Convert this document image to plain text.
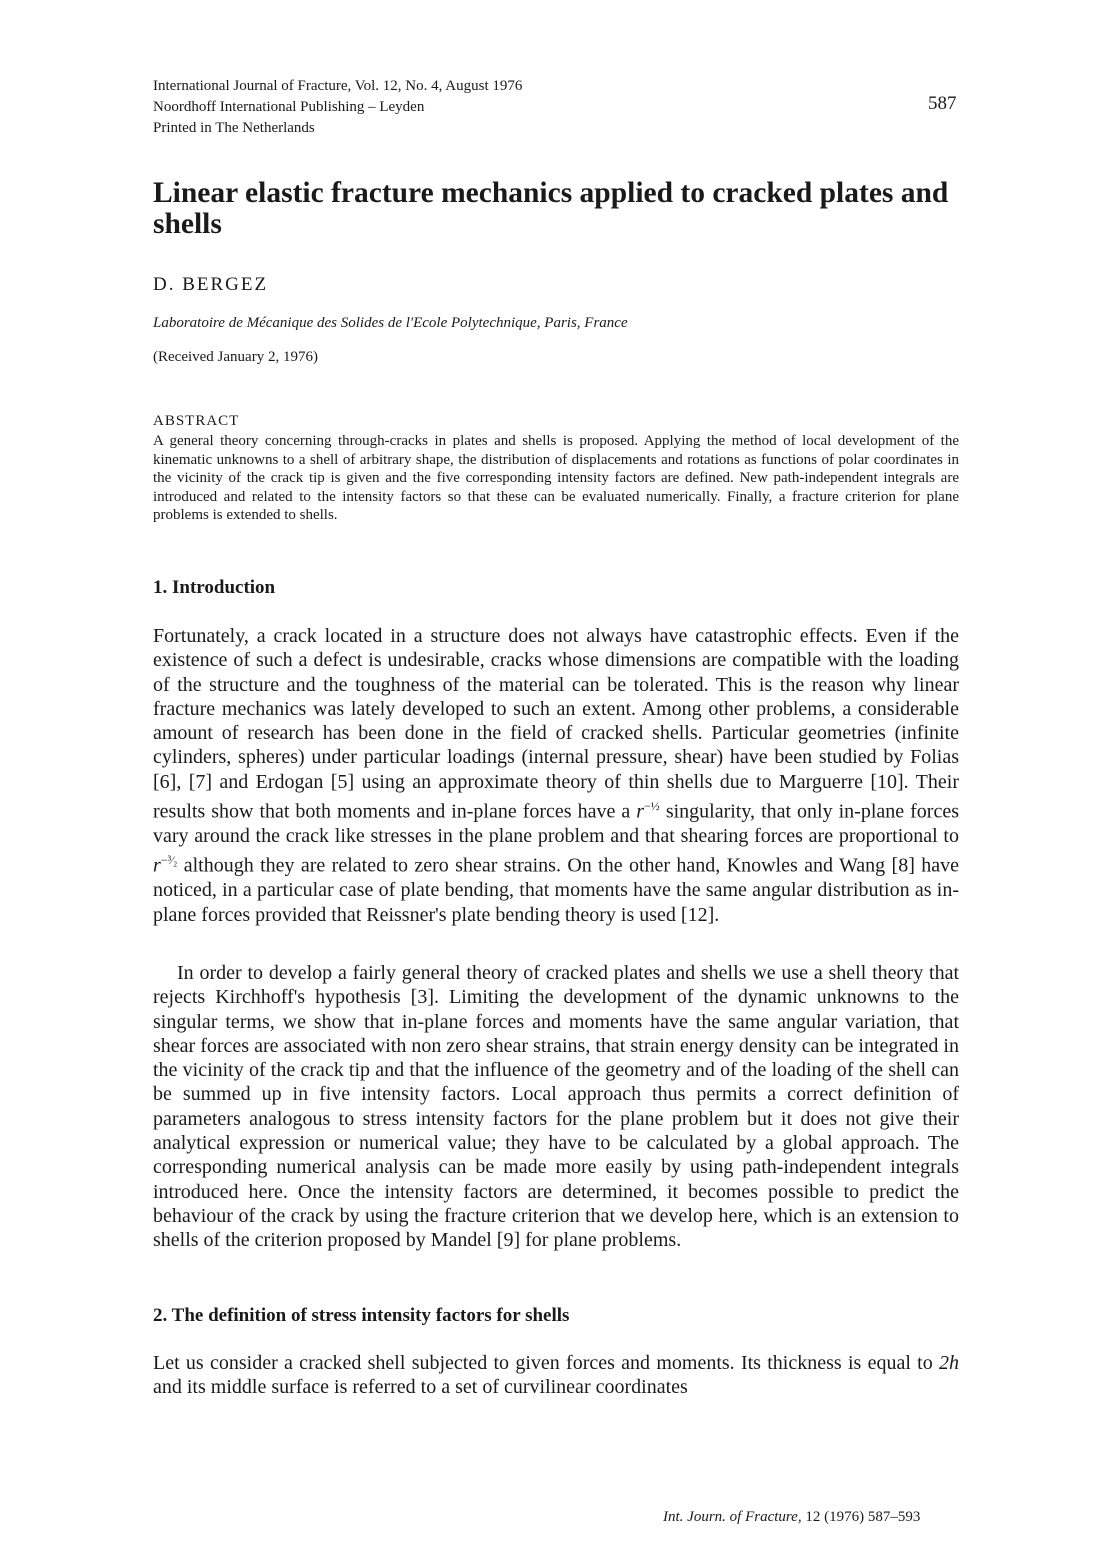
International Journal of Fracture, Vol. 12, No. 4, August 1976
Noordhoff International Publishing – Leyden
Printed in The Netherlands
587
Linear elastic fracture mechanics applied to cracked plates and shells
D. BERGEZ
Laboratoire de Mécanique des Solides de l'Ecole Polytechnique, Paris, France
(Received January 2, 1976)
ABSTRACT

A general theory concerning through-cracks in plates and shells is proposed. Applying the method of local development of the kinematic unknowns to a shell of arbitrary shape, the distribution of displacements and rotations as functions of polar coordinates in the vicinity of the crack tip is given and the five corresponding intensity factors are defined. New path-independent integrals are introduced and related to the intensity factors so that these can be evaluated numerically. Finally, a fracture criterion for plane problems is extended to shells.

1. Introduction

Fortunately, a crack located in a structure does not always have catastrophic effects. Even if the existence of such a defect is undesirable, cracks whose dimensions are compatible with the loading of the structure and the toughness of the material can be tolerated. This is the reason why linear fracture mechanics was lately developed to such an extent. Among other problems, a considerable amount of research has been done in the field of cracked shells. Particular geometries (infinite cylinders, spheres) under particular loadings (internal pressure, shear) have been studied by Folias [6], [7] and Erdogan [5] using an approximate theory of thin shells due to Marguerre [10]. Their results show that both moments and in-plane forces have a $r^{-\frac{1}{2}}$ singularity, that only in-plane forces vary around the crack like stresses in the plane problem and that shearing forces are proportional to $r^{-^3⁄_2}$ although they are related to zero shear strains. On the other hand, Knowles and Wang [8] have noticed, in a particular case of plate bending, that moments have the same angular distribution as in-plane forces provided that Reissner's plate bending theory is used [12].

In order to develop a fairly general theory of cracked plates and shells we use a shell theory that rejects Kirchhoff's hypothesis [3]. Limiting the development of the dynamic unknowns to the singular terms, we show that in-plane forces and moments have the same angular variation, that shear forces are associated with non zero shear strains, that strain energy density can be integrated in the vicinity of the crack tip and that the influence of the geometry and of the loading of the shell can be summed up in five intensity factors. Local approach thus permits a correct definition of parameters analogous to stress intensity factors for the plane problem but it does not give their analytical expression or numerical value; they have to be calculated by a global approach. The corresponding numerical analysis can be made more easily by using path-independent integrals introduced here. Once the intensity factors are determined, it becomes possible to predict the behaviour of the crack by using the fracture criterion that we develop here, which is an extension to shells of the criterion proposed by Mandel [9] for plane problems.

2. The definition of stress intensity factors for shells

Let us consider a cracked shell subjected to given forces and moments. Its thickness is equal to 2h and its middle surface is referred to a set of curvilinear coordinates

Int. Journ. of Fracture, 12 (1976) 587–593
